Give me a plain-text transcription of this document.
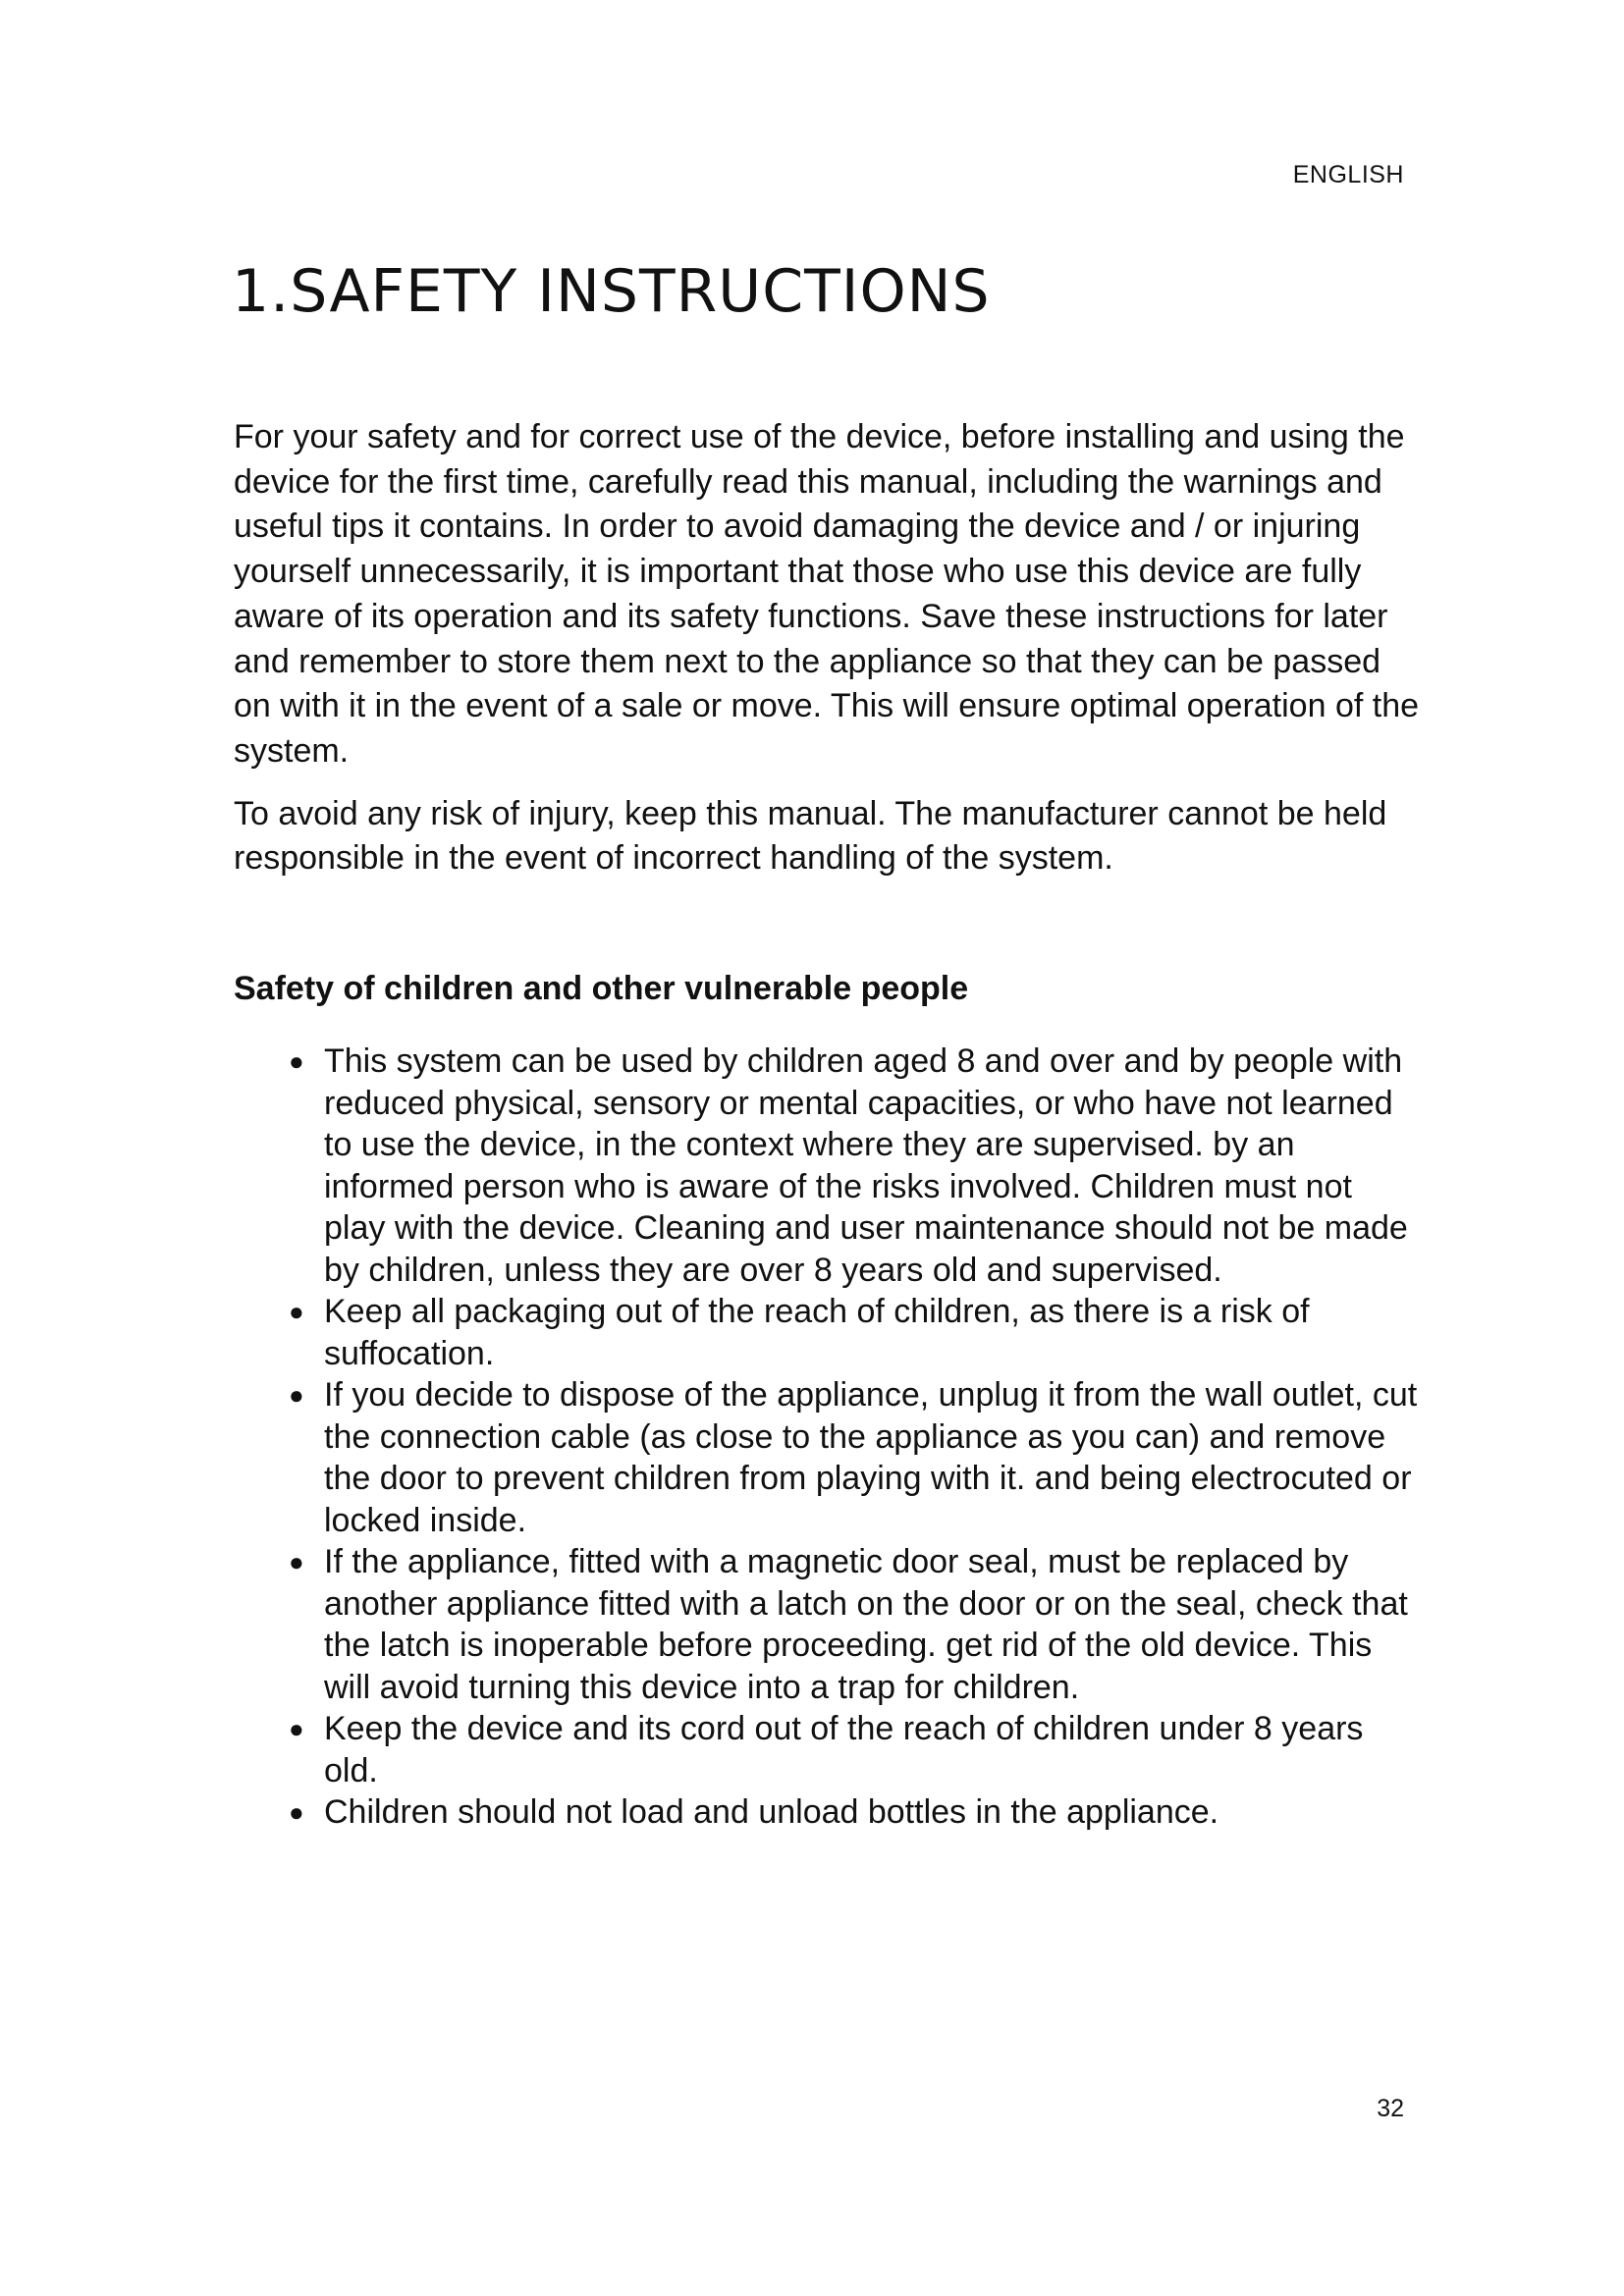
ENGLISH
1.SAFETY INSTRUCTIONS

For your safety and for correct use of the device, before installing and using the device for the first time, carefully read this manual, including the warnings and useful tips it contains. In order to avoid damaging the device and / or injuring yourself unnecessarily, it is important that those who use this device are fully aware of its operation and its safety functions. Save these instructions for later and remember to store them next to the appliance so that they can be passed on with it in the event of a sale or move. This will ensure optimal operation of the system.

To avoid any risk of injury, keep this manual. The manufacturer cannot be held responsible in the event of incorrect handling of the system.

Safety of children and other vulnerable people
● This system can be used by children aged 8 and over and by people with reduced physical, sensory or mental capacities, or who have not learned to use the device, in the context where they are supervised. by an informed person who is aware of the risks involved. Children must not play with the device. Cleaning and user maintenance should not be made by children, unless they are over 8 years old and supervised.
● Keep all packaging out of the reach of children, as there is a risk of suffocation.
● If you decide to dispose of the appliance, unplug it from the wall outlet, cut the connection cable (as close to the appliance as you can) and remove the door to prevent children from playing with it. and being electrocuted or locked inside.
● If the appliance, fitted with a magnetic door seal, must be replaced by another appliance fitted with a latch on the door or on the seal, check that the latch is inoperable before proceeding. get rid of the old device. This will avoid turning this device into a trap for children.
● Keep the device and its cord out of the reach of children under 8 years old.
● Children should not load and unload bottles in the appliance.
32
